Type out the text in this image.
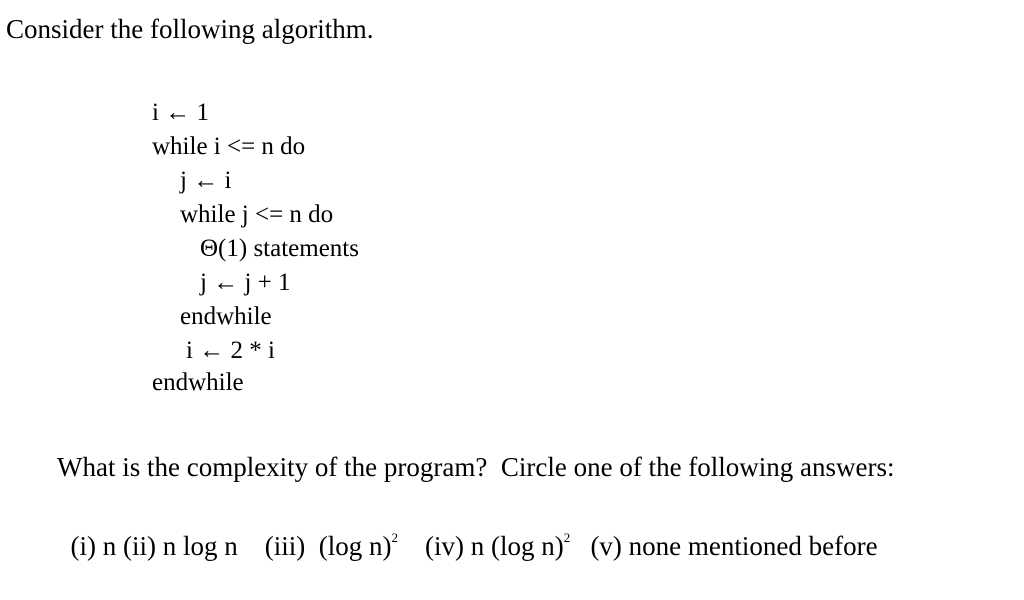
Consider the following algorithm.
i ← 1
while i <= n do
j ← i
while j <= n do
Θ(1) statements
j ← j + 1
endwhile
i ← 2 * i
endwhile
What is the complexity of the program?  Circle one of the following answers:

(i) n (ii) n log n (iii)  (log n)$^2$ (iv) n (log n)$^2$ (v) none mentioned before
